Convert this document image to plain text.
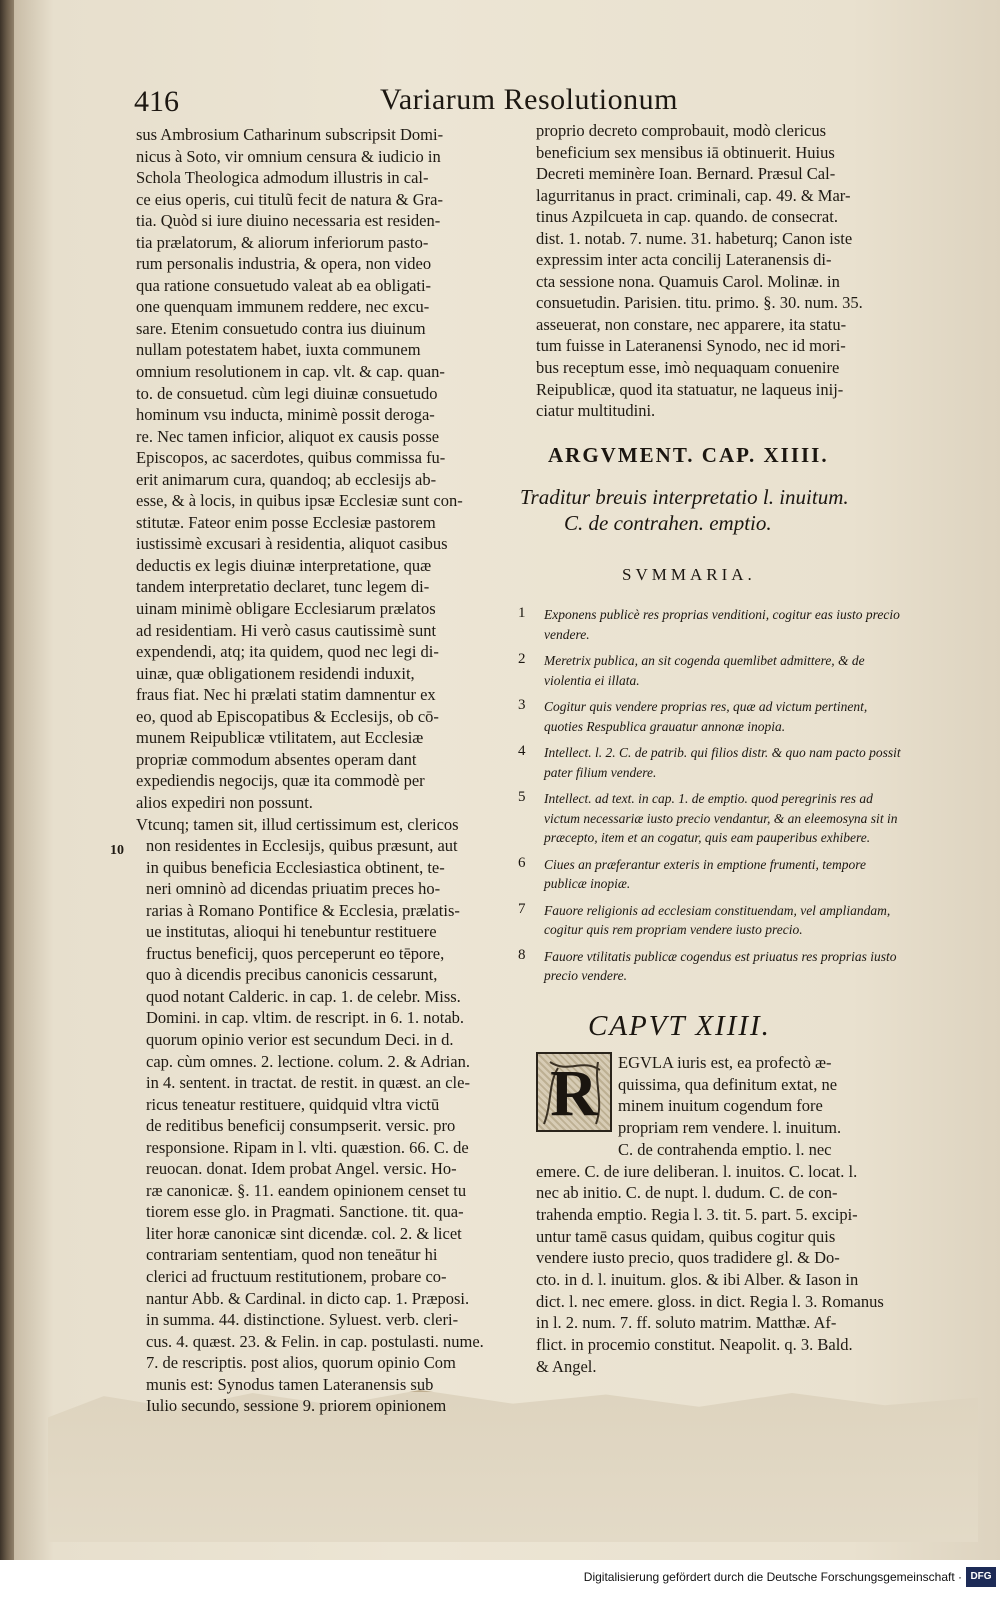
416	Variarum Resolutionum
10
sus Ambrosium Catharinum subscripsit Domi-
nicus à Soto, vir omnium censura & iudicio in
Schola Theologica admodum illustris in cal-
ce eius operis, cui titulũ fecit de natura & Gra-
tia. Quòd si iure diuino necessaria est residen-
tia prælatorum, & aliorum inferiorum pasto-
rum personalis industria, & opera, non video
qua ratione consuetudo valeat ab ea obligati-
one quenquam immunem reddere, nec excu-
sare. Etenim consuetudo contra ius diuinum
nullam potestatem habet, iuxta communem
omnium resolutionem in cap. vlt. & cap. quan-
to. de consuetud. cùm legi diuinæ consuetudo
hominum vsu inducta, minimè possit deroga-
re. Nec tamen inficior, aliquot ex causis posse
Episcopos, ac sacerdotes, quibus commissa fu-
erit animarum cura, quandoq; ab ecclesijs ab-
esse, & à locis, in quibus ipsæ Ecclesiæ sunt con-
stitutæ. Fateor enim posse Ecclesiæ pastorem
iustissimè excusari à residentia, aliquot casibus
deductis ex legis diuinæ interpretatione, quæ
tandem interpretatio declaret, tunc legem di-
uinam minimè obligare Ecclesiarum prælatos
ad residentiam. Hi verò casus cautissimè sunt
expendendi, atq; ita quidem, quod nec legi di-
uinæ, quæ obligationem residendi induxit,
fraus fiat. Nec hi prælati statim damnentur ex
eo, quod ab Episcopatibus & Ecclesijs, ob cō-
munem Reipublicæ vtilitatem, aut Ecclesiæ
propriæ commodum absentes operam dant
expediendis negocijs, quæ ita commodè per
alios expediri non possunt.
Vtcunq; tamen sit, illud certissimum est, clericos
non residentes in Ecclesijs, quibus præsunt, aut
in quibus beneficia Ecclesiastica obtinent, te-
neri omninò ad dicendas priuatim preces ho-
rarias à Romano Pontifice & Ecclesia, prælatis-
ue institutas, alioqui hi tenebuntur restituere
fructus beneficij, quos perceperunt eo tēpore,
quo à dicendis precibus canonicis cessarunt,
quod notant Calderic. in cap. 1. de celebr. Miss.
Domini. in cap. vltim. de rescript. in 6. 1. notab.
quorum opinio verior est secundum Deci. in d.
cap. cùm omnes. 2. lectione. colum. 2. & Adrian.
in 4. sentent. in tractat. de restit. in quæst. an cle-
ricus teneatur restituere, quidquid vltra victū
de reditibus beneficij consumpserit. versic. pro
responsione. Ripam in l. vlti. quæstion. 66. C. de
reuocan. donat. Idem probat Angel. versic. Ho-
ræ canonicæ. §. 11. eandem opinionem censet tu
tiorem esse glo. in Pragmati. Sanctione. tit. qua-
liter horæ canonicæ sint dicendæ. col. 2. & licet
contrariam sententiam, quod non teneātur hi
clerici ad fructuum restitutionem, probare co-
nantur Abb. & Cardinal. in dicto cap. 1. Præposi.
in summa. 44. distinctione. Syluest. verb. cleri-
cus. 4. quæst. 23. & Felin. in cap. postulasti. nume.
7. de rescriptis. post alios, quorum opinio Com
munis est: Synodus tamen Lateranensis sub
Iulio secundo, sessione 9. priorem opinionem
proprio decreto comprobauit, modò clericus
beneficium sex mensibus iā obtinuerit. Huius
Decreti meminère Ioan. Bernard. Præsul Cal-
lagurritanus in pract. criminali, cap. 49. & Mar-
tinus Azpilcueta in cap. quando. de consecrat.
dist. 1. notab. 7. nume. 31. habeturq; Canon iste
expressim inter acta concilij Lateranensis di-
cta sessione nona. Quamuis Carol. Molinæ. in
consuetudin. Parisien. titu. primo. §. 30. num. 35.
asseuerat, non constare, nec apparere, ita statu-
tum fuisse in Lateranensi Synodo, nec id mori-
bus receptum esse, imò nequaquam conuenire
Reipublicæ, quod ita statuatur, ne laqueus inij-
ciatur multitudini.
ARGVMENT. CAP. XIIII.
Traditur breuis interpretatio l. inuitum.
C. de contrahen. emptio.
SVMMARIA.
1 Exponens publicè res proprias venditioni, cogitur eas iusto precio vendere.
2 Meretrix publica, an sit cogenda quemlibet admittere, & de violentia ei illata.
3 Cogitur quis vendere proprias res, quæ ad victum pertinent, quoties Respublica grauatur annonæ inopia.
4 Intellect. l. 2. C. de patrib. qui filios distr. & quo nam pacto possit pater filium vendere.
5 Intellect. ad text. in cap. 1. de emptio. quod peregrinis res ad victum necessariæ iusto precio vendantur, & an eleemosyna sit in præcepto, item et an cogatur, quis eam pauperibus exhibere.
6 Ciues an præferantur exteris in emptione frumenti, tempore publicæ inopiæ.
7 Fauore religionis ad ecclesiam constituendam, vel ampliandam, cogitur quis rem propriam vendere iusto precio.
8 Fauore vtilitatis publicæ cogendus est priuatus res proprias iusto precio vendere.
CAPVT XIIII.
EGVLA iuris est, ea profectò æ-
quissima, qua definitum extat, ne
minem inuitum cogendum fore
propriam rem vendere. l. inuitum.
C. de contrahenda emptio. l. nec
emere. C. de iure deliberan. l. inuitos. C. locat. l.
nec ab initio. C. de nupt. l. dudum. C. de con-
trahenda emptio. Regia l. 3. tit. 5. part. 5. excipi-
untur tamē casus quidam, quibus cogitur quis
vendere iusto precio, quos tradidere gl. & Do-
cto. in d. l. inuitum. glos. & ibi Alber. & Iason in
dict. l. nec emere. gloss. in dict. Regia l. 3. Romanus
in l. 2. num. 7. ff. soluto matrim. Matthæ. Af-
flict. in procemio constitut. Neapolit. q. 3. Bald.
& Angel.
R
Digitalisierung gefördert durch die Deutsche Forschungsgemeinschaft · DFG
